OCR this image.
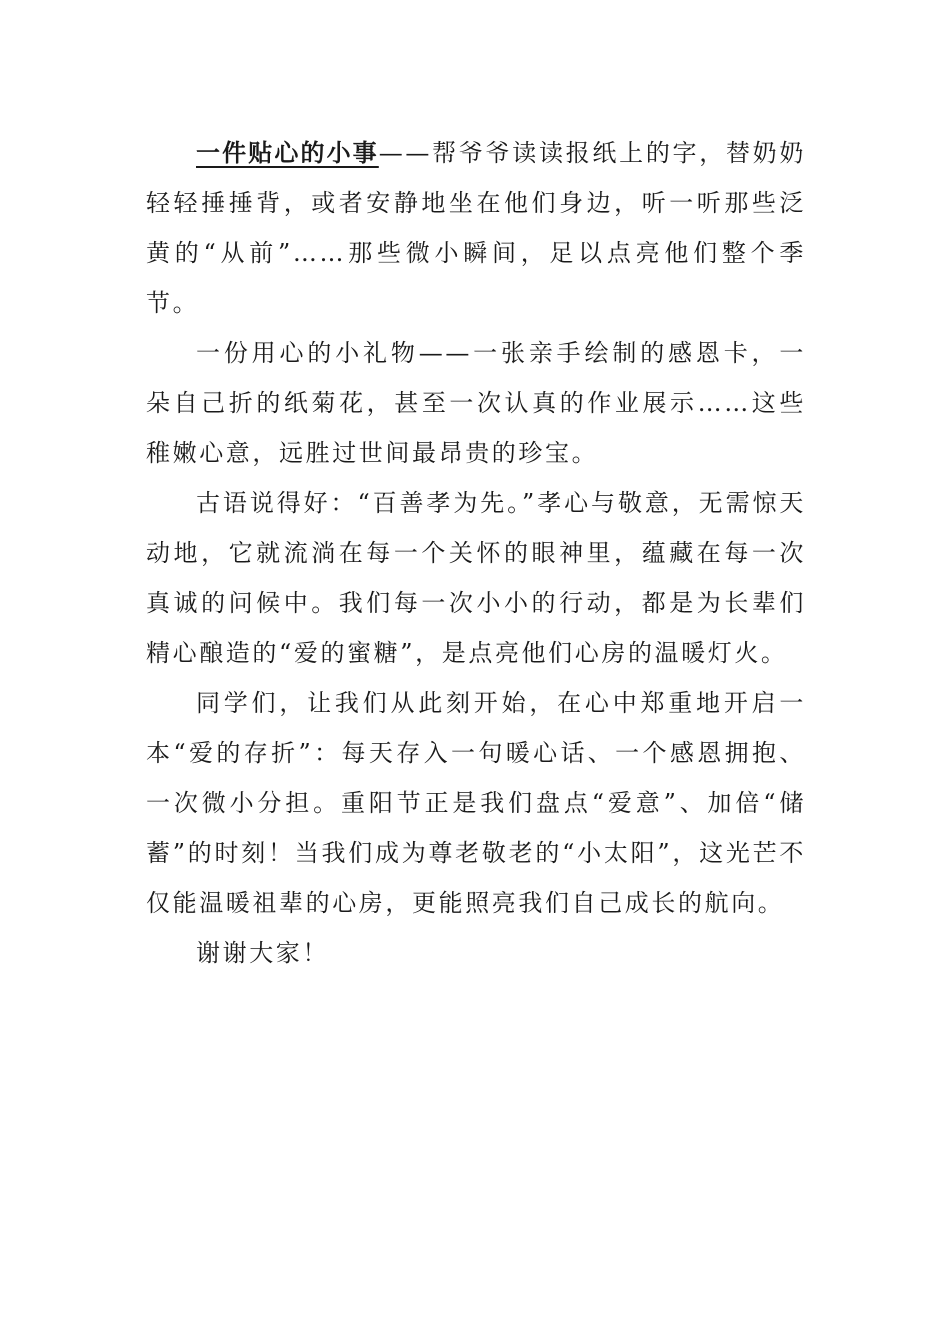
一件贴心的小事——帮爷爷读读报纸上的字，替奶奶轻轻捶捶背，或者安静地坐在他们身边，听一听那些泛黄的“从前”……那些微小瞬间，足以点亮他们整个季节。

一份用心的小礼物——一张亲手绘制的感恩卡，一朵自己折的纸菊花，甚至一次认真的作业展示……这些稚嫩心意，远胜过世间最昂贵的珍宝。

古语说得好：“百善孝为先。”孝心与敬意，无需惊天动地，它就流淌在每一个关怀的眼神里，蕴藏在每一次真诚的问候中。我们每一次小小的行动，都是为长辈们精心酿造的“爱的蜜糖”，是点亮他们心房的温暖灯火。

同学们，让我们从此刻开始，在心中郑重地开启一本“爱的存折”：每天存入一句暖心话、一个感恩拥抱、一次微小分担。重阳节正是我们盘点“爱意”、加倍“储蓄”的时刻！当我们成为尊老敬老的“小太阳”，这光芒不仅能温暖祖辈的心房，更能照亮我们自己成长的航向。

谢谢大家！
